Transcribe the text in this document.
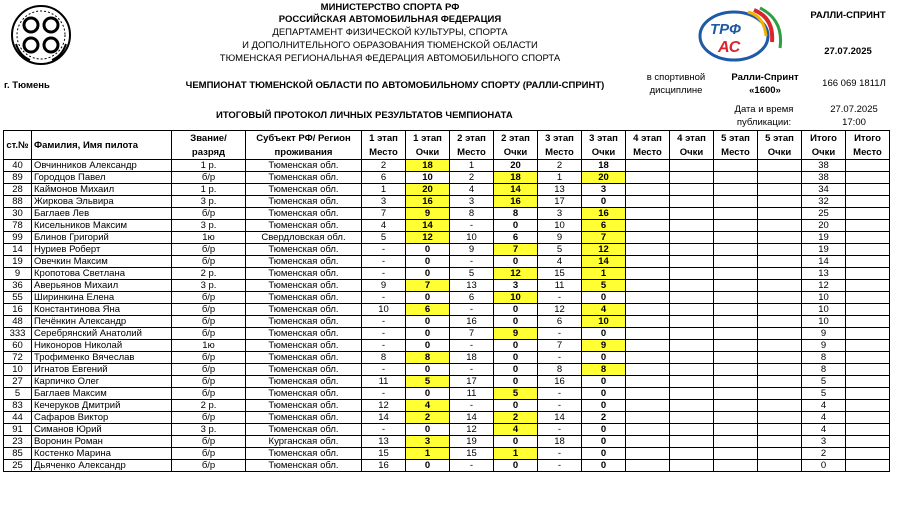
МИНИСТЕРСТВО СПОРТА РФ
РОССИЙСКАЯ АВТОМОБИЛЬНАЯ ФЕДЕРАЦИЯ
ДЕПАРТАМЕНТ ФИЗИЧЕСКОЙ КУЛЬТУРЫ, СПОРТА
И ДОПОЛНИТЕЛЬНОГО ОБРАЗОВАНИЯ ТЮМЕНСКОЙ ОБЛАСТИ
ТЮМЕНСКАЯ РЕГИОНАЛЬНАЯ ФЕДЕРАЦИЯ АВТОМОБИЛЬНОГО СПОРТА
ТРФ
АС
РАЛЛИ-СПРИНТ
27.07.2025
г. Тюмень	ЧЕМПИОНАТ ТЮМЕНСКОЙ ОБЛАСТИ ПО АВТОМОБИЛЬНОМУ СПОРТУ (РАЛЛИ-СПРИНТ)
в спортивной
дисциплине
Ралли-Спринт
«1600»
166 069 1811Л
ИТОГОВЫЙ ПРОТОКОЛ ЛИЧНЫХ РЕЗУЛЬТАТОВ ЧЕМПИОНАТА
Дата и время
публикации:
27.07.2025
17:00
ст.№	Фамилия, Имя пилота	Звание/	Субъект РФ/ Регион	1 этап	1 этап	2 этап	2 этап	3 этап	3 этап	4 этап	4 этап	5 этап	5 этап	Итого	Итого
		разряд	проживания	Место	Очки	Место	Очки	Место	Очки	Место	Очки	Место	Очки	Очки	Место
40	Овчинников Александр	1 р.	Тюменская обл.	2	18	1	20	2	18					38	
89	Городцов Павел	б/р	Тюменская обл.	6	10	2	18	1	20					38	
28	Каймонов Михаил	1 р.	Тюменская обл.	1	20	4	14	13	3					34	
88	Жиркова Эльвира	3 р.	Тюменская обл.	3	16	3	16	17	0					32	
30	Баглаев Лев	б/р	Тюменская обл.	7	9	8	8	3	16					25	
78	Кисельников Максим	3 р.	Тюменская обл.	4	14	-	0	10	6					20	
99	Блинов Григорий	1ю	Свердловская обл.	5	12	10	6	9	7					19	
14	Нуриев Роберт	б/р	Тюменская обл.	-	0	9	7	5	12					19	
19	Овечкин Максим	б/р	Тюменская обл.	-	0	-	0	4	14					14	
9	Кропотова Светлана	2 р.	Тюменская обл.	-	0	5	12	15	1					13	
36	Аверьянов Михаил	3 р.	Тюменская обл.	9	7	13	3	11	5					12	
55	Ширинкина Елена	б/р	Тюменская обл.	-	0	6	10	-	0					10	
16	Константинова Яна	б/р	Тюменская обл.	10	6	-	0	12	4					10	
48	Печёнкин Александр	б/р	Тюменская обл.	-	0	16	0	6	10					10	
333	Серебрянский Анатолий	б/р	Тюменская обл.	-	0	7	9	-	0					9	
60	Никоноров Николай	1ю	Тюменская обл.	-	0	-	0	7	9					9	
72	Трофименко Вячеслав	б/р	Тюменская обл.	8	8	18	0	-	0					8	
10	Игнатов Евгений	б/р	Тюменская обл.	-	0	-	0	8	8					8	
27	Карпичко Олег	б/р	Тюменская обл.	11	5	17	0	16	0					5	
5	Баглаев Максим	б/р	Тюменская обл.	-	0	11	5	-	0					5	
83	Кечеруков Дмитрий	2 р.	Тюменская обл.	12	4	-	0	-	0					4	
44	Сафаров Виктор	б/р	Тюменская обл.	14	2	14	2	14	2					4	
91	Симанов Юрий	3 р.	Тюменская обл.	-	0	12	4	-	0					4	
23	Воронин Роман	б/р	Курганская обл.	13	3	19	0	18	0					3	
85	Костенко Марина	б/р	Тюменская обл.	15	1	15	1	-	0					2	
25	Дьяченко Александр	б/р	Тюменская обл.	16	0	-	0	-	0					0	
